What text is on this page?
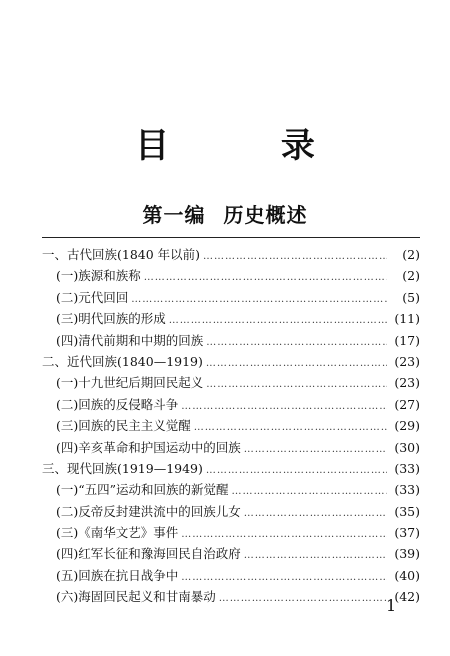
目 录
第一编 历史概述
一、古代回族(1840 年以前) …………………………………………………………………………………………………………………………………………	(2)
(一)族源和族称 …………………………………………………………………………………………………………………………………………	(2)
(二)元代回回 …………………………………………………………………………………………………………………………………………	(5)
(三)明代回族的形成 …………………………………………………………………………………………………………………………………………	(11)
(四)清代前期和中期的回族 …………………………………………………………………………………………………………………………………………	(17)
二、近代回族(1840—1919) …………………………………………………………………………………………………………………………………………	(23)
(一)十九世纪后期回民起义 …………………………………………………………………………………………………………………………………………	(23)
(二)回族的反侵略斗争 …………………………………………………………………………………………………………………………………………	(27)
(三)回族的民主主义觉醒 …………………………………………………………………………………………………………………………………………	(29)
(四)辛亥革命和护国运动中的回族 …………………………………………………………………………………………………………………………………………	(30)
三、现代回族(1919—1949) …………………………………………………………………………………………………………………………………………	(33)
(一)“五四”运动和回族的新觉醒 …………………………………………………………………………………………………………………………………………	(33)
(二)反帝反封建洪流中的回族儿女 …………………………………………………………………………………………………………………………………………	(35)
(三)《南华文艺》事件 …………………………………………………………………………………………………………………………………………	(37)
(四)红军长征和豫海回民自治政府 …………………………………………………………………………………………………………………………………………	(39)
(五)回族在抗日战争中 …………………………………………………………………………………………………………………………………………	(40)
(六)海固回民起义和甘南暴动 …………………………………………………………………………………………………………………………………………	(42)
1
